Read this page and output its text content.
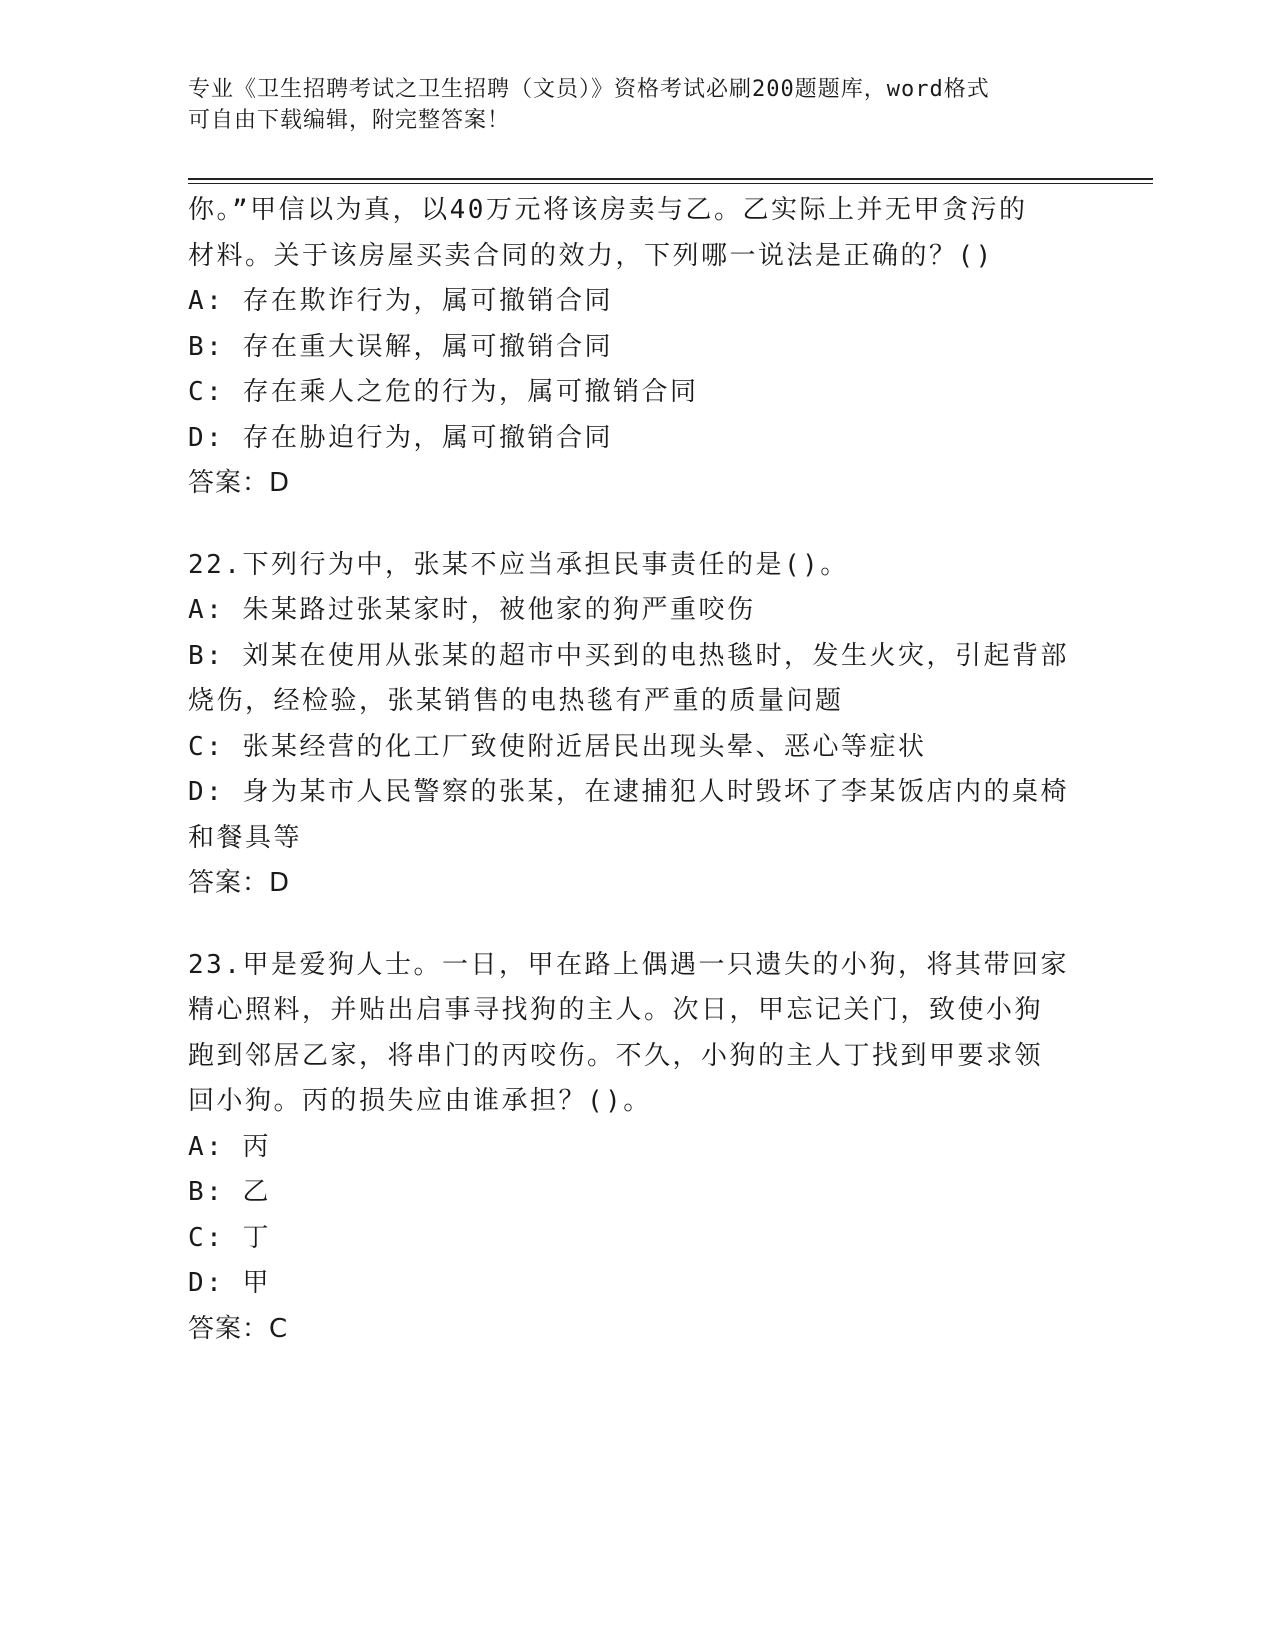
专业《卫生招聘考试之卫生招聘（文员）》资格考试必刷200题题库，word格式
可自由下载编辑，附完整答案！
你。”甲信以为真，以40万元将该房卖与乙。乙实际上并无甲贪污的
材料。关于该房屋买卖合同的效力，下列哪一说法是正确的？()
A: 存在欺诈行为，属可撤销合同
B: 存在重大误解，属可撤销合同
C: 存在乘人之危的行为，属可撤销合同
D: 存在胁迫行为，属可撤销合同
答案：D
22.下列行为中，张某不应当承担民事责任的是()。
A: 朱某路过张某家时，被他家的狗严重咬伤
B: 刘某在使用从张某的超市中买到的电热毯时，发生火灾，引起背部
烧伤，经检验，张某销售的电热毯有严重的质量问题
C: 张某经营的化工厂致使附近居民出现头晕、恶心等症状
D: 身为某市人民警察的张某，在逮捕犯人时毁坏了李某饭店内的桌椅
和餐具等
答案：D
23.甲是爱狗人士。一日，甲在路上偶遇一只遗失的小狗，将其带回家
精心照料，并贴出启事寻找狗的主人。次日，甲忘记关门，致使小狗
跑到邻居乙家，将串门的丙咬伤。不久，小狗的主人丁找到甲要求领
回小狗。丙的损失应由谁承担？()。
A: 丙
B: 乙
C: 丁
D: 甲
答案：C
